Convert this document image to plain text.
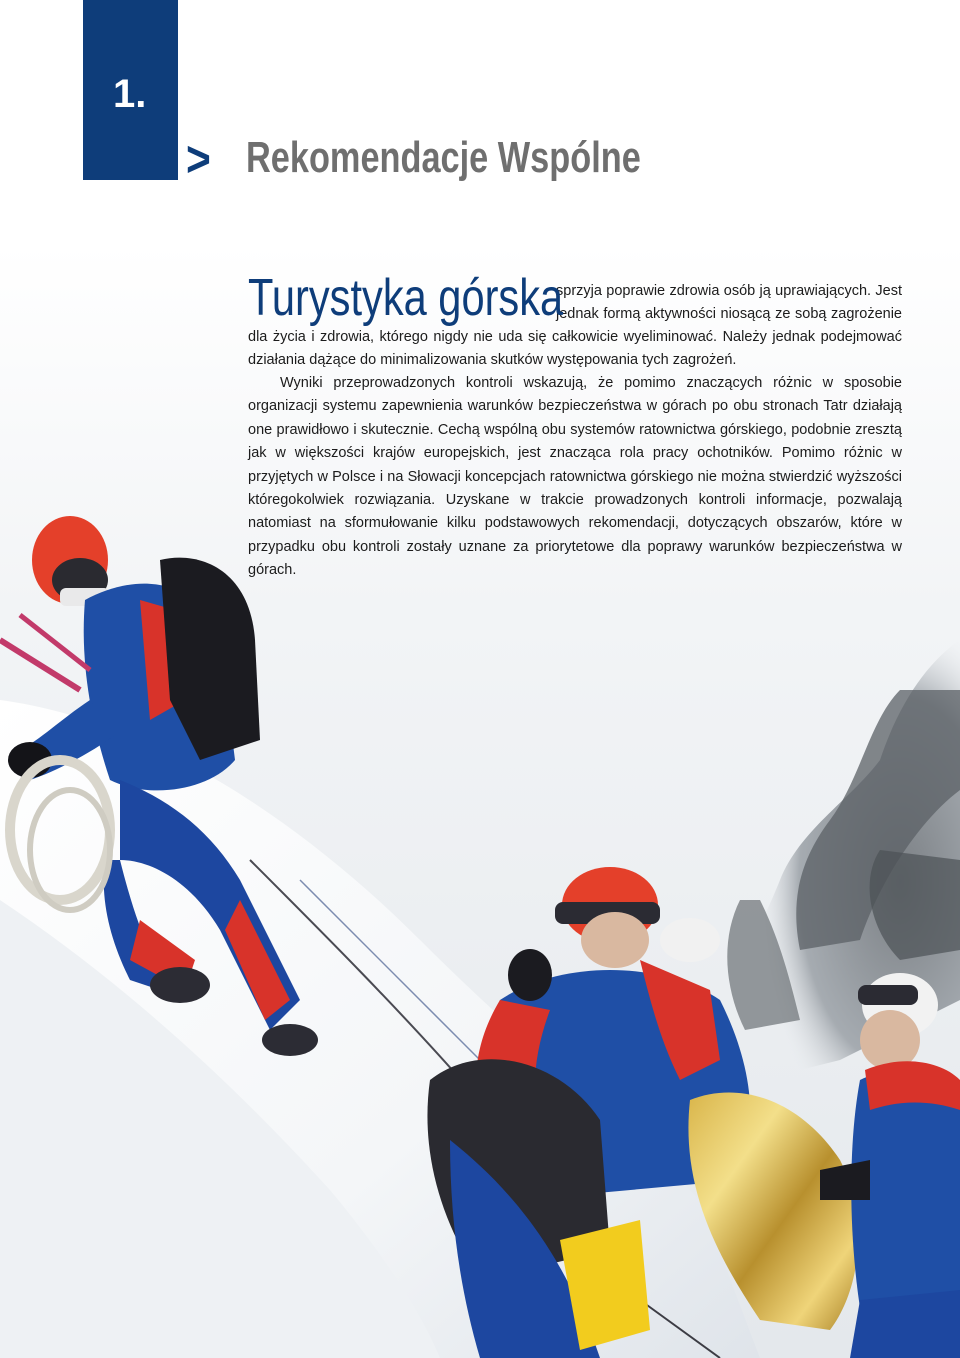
1.
> Rekomendacje Wspólne
Turystyka górska

sprzyja poprawie zdrowia osób ją uprawiających. Jest jednak formą aktywności niosącą ze sobą zagrożenie dla życia i zdrowia, którego nigdy nie uda się całkowicie wyeliminować. Należy jednak podejmować działania dążące do minimalizowania skutków występowania tych zagrożeń.

Wyniki przeprowadzonych kontroli wskazują, że pomimo znaczących różnic w sposobie organizacji systemu zapewnienia warunków bezpieczeństwa w górach po obu stronach Tatr działają one prawidłowo i skutecznie. Cechą wspólną obu systemów ratownictwa górskiego, podobnie zresztą jak w większości krajów europejskich, jest znacząca rola pracy ochotników. Pomimo różnic w przyjętych w Polsce i na Słowacji koncepcjach ratownictwa górskiego nie można stwierdzić wyższości któregokolwiek rozwiązania. Uzyskane w trakcie prowadzonych kontroli informacje, pozwalają natomiast na sformułowanie kilku podstawowych rekomendacji, dotyczących obszarów, które w przypadku obu kontroli zostały uznane za priorytetowe dla poprawy warunków bezpieczeństwa w górach.
